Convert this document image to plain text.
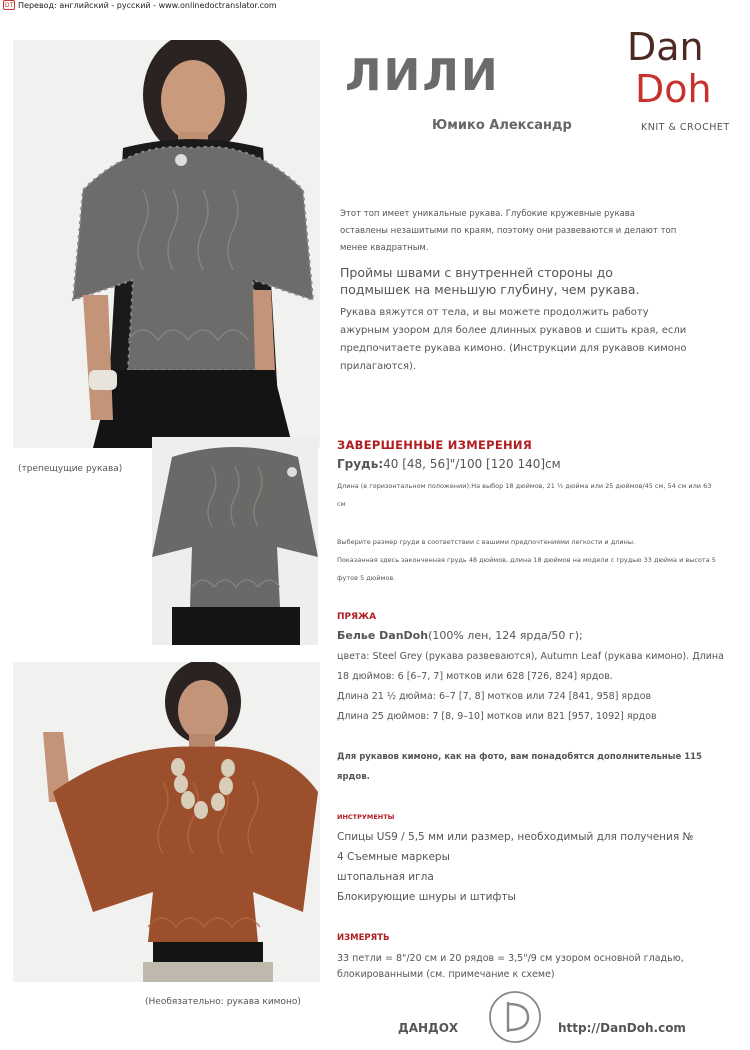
DT Перевод: английский - русский - www.onlinedoctranslator.com
(трепещущие рукава)
(Необязательно: рукава кимоно)
ЛИЛИ
Юмико Александр
Dan
Doh
KNIT & CROCHET
Этот топ имеет уникальные рукава. Глубокие кружевные рукава оставлены незашитыми по краям, поэтому они развеваются и делают топ менее квадратным.
Проймы швами с внутренней стороны до подмышек на меньшую глубину, чем рукава.
Рукава вяжутся от тела, и вы можете продолжить работу ажурным узором для более длинных рукавов и сшить края, если предпочитаете рукава кимоно. (Инструкции для рукавов кимоно прилагаются).
ЗАВЕРШЕННЫЕ ИЗМЕРЕНИЯ
Грудь:40 [48, 56]"/100 [120 140]см
Длина (в горизонтальном положении):На выбор 18 дюймов, 21 ½ дюйма или 25 дюймов/45 см, 54 см или 63 см
Выберите размер груди в соответствии с вашими предпочтениями легкости и длины.
Показанная здесь законченная грудь 48 дюймов, длина 18 дюймов на модели с грудью 33 дюйма и высота 5 футов 5 дюймов.
ПРЯЖА
Белье DanDoh(100% лен, 124 ярда/50 г);
цвета: Steel Grey (рукава развеваются), Autumn Leaf (рукава кимоно). Длина
18 дюймов: 6 [6–7, 7] мотков или 628 [726, 824] ярдов.
Длина 21 ½ дюйма: 6–7 [7, 8] мотков или 724 [841, 958] ярдов
Длина 25 дюймов: 7 [8, 9–10] мотков или 821 [957, 1092] ярдов
Для рукавов кимоно, как на фото, вам понадобятся дополнительные 115
ярдов.
ИНСТРУМЕНТЫ
Спицы US9 / 5,5 мм или размер, необходимый для получения №
4 Съемные маркеры
штопальная игла
Блокирующие шнуры и штифты
ИЗМЕРЯТЬ
33 петли = 8"/20 см и 20 рядов = 3,5"/9 см узором основной гладью,
блокированными (см. примечание к схеме)
ДАНДОХ	http://DanDoh.com
